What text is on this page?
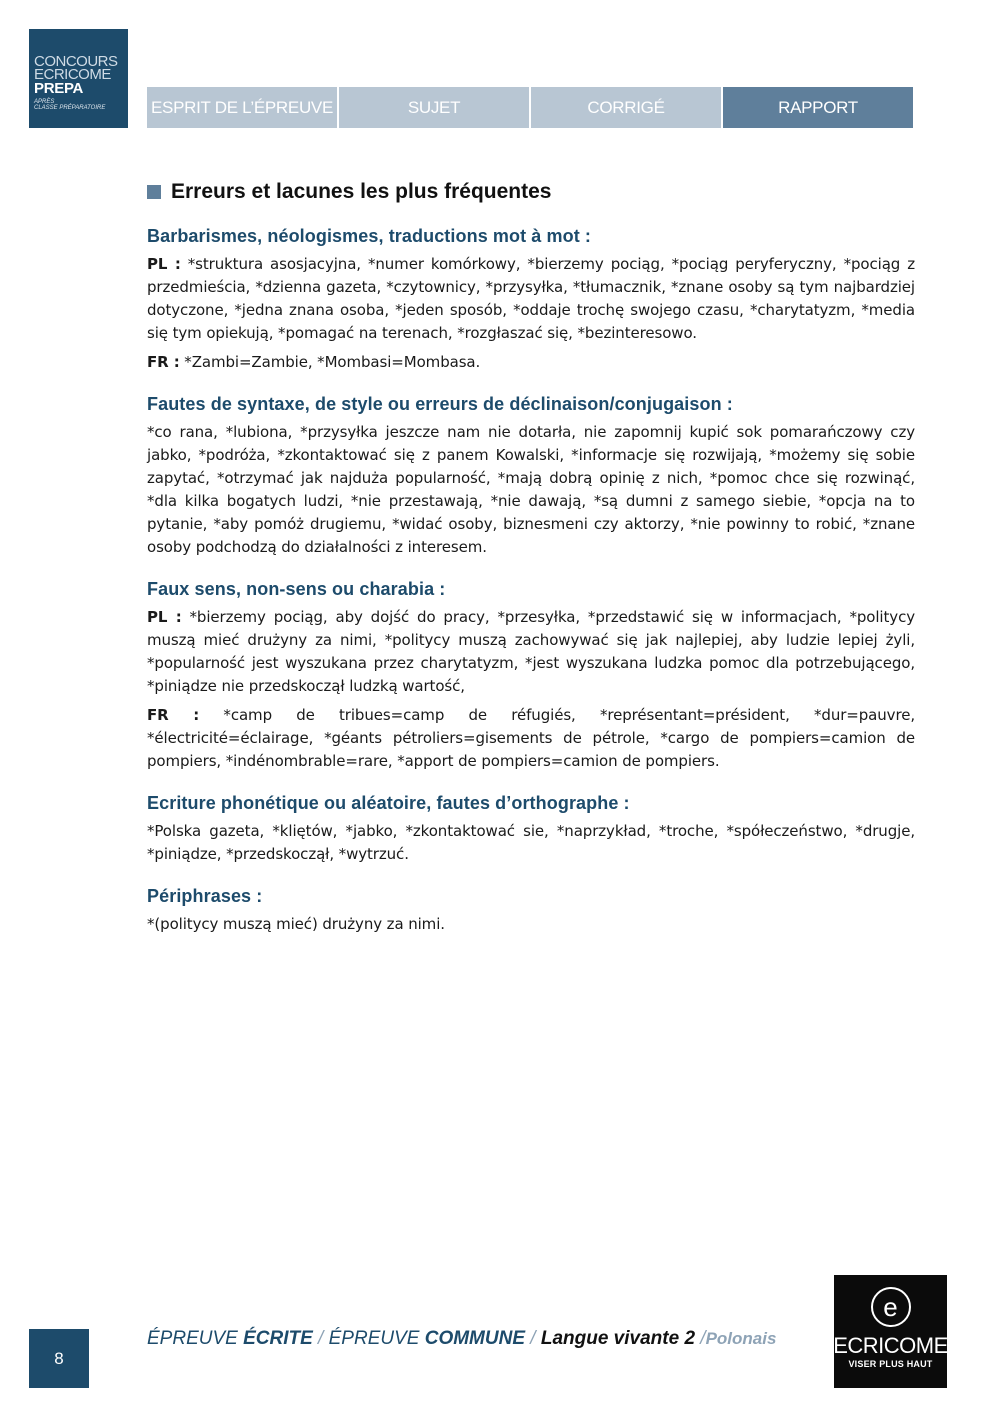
CONCOURS
ECRICOME
PREPA
APRÈS
CLASSE PRÉPARATOIRE	ESPRIT DE L’ÉPREUVE	SUJET	CORRIGÉ	RAPPORT
Erreurs et lacunes les plus fréquentes
Barbarismes, néologismes, traductions mot à mot :

PL : *struktura asosjacyjna, *numer komórkowy, *bierzemy pociąg, *pociąg peryferyczny, *pociąg z przedmieścia, *dzienna gazeta, *czytownicy, *przysyłka, *tłumacznik, *znane osoby są tym najbardziej dotyczone, *jedna znana osoba, *jeden sposób, *oddaje trochę swojego czasu, *charytatyzm, *media się tym opiekują, *pomagać na terenach, *rozgłaszać się, *bezinteresowo.

FR : *Zambi=Zambie, *Mombasi=Mombasa.

Fautes de syntaxe, de style ou erreurs de déclinaison/conjugaison :

*co rana, *lubiona, *przysyłka jeszcze nam nie dotarła, nie zapomnij kupić sok pomarańczowy czy jabko, *podróża, *zkontaktować się z panem Kowalski, *informacje się rozwijają, *możemy się sobie zapytać, *otrzymać jak najduża popularność, *mają dobrą opinię z nich, *pomoc chce się rozwinąć, *dla kilka bogatych ludzi, *nie przestawają, *nie dawają, *są dumni z samego siebie, *opcja na to pytanie, *aby pomóż drugiemu, *widać osoby, biznesmeni czy aktorzy, *nie powinny to robić, *znane osoby podchodzą do działalności z interesem.

Faux sens, non-sens ou charabia :

PL : *bierzemy pociąg, aby dojść do pracy, *przesyłka, *przedstawić się w informacjach, *politycy muszą mieć drużyny za nimi, *politycy muszą zachowywać się jak najlepiej, aby ludzie lepiej żyli, *popularność jest wyszukana przez charytatyzm, *jest wyszukana ludzka pomoc dla potrzebującego, *piniądze nie przedskoczął ludzką wartość,

FR : *camp de tribues=camp de réfugiés, *représentant=président, *dur=pauvre, *électricité=éclairage, *géants pétroliers=gisements de pétrole, *cargo de pompiers=camion de pompiers, *indénombrable=rare, *apport de pompiers=camion de pompiers.

Ecriture phonétique ou aléatoire, fautes d’orthographe :

*Polska gazeta, *kliętów, *jabko, *zkontaktować sie, *naprzykład, *troche, *spółeczeństwo, *drugje, *piniądze, *przedskoczął, *wytrzuć.

Périphrases :

*(politycy muszą mieć) drużyny za nimi.

8
ÉPREUVE ÉCRITE / ÉPREUVE COMMUNE / Langue vivante 2 /Polonais
e
ECRICOME
VISER PLUS HAUT
